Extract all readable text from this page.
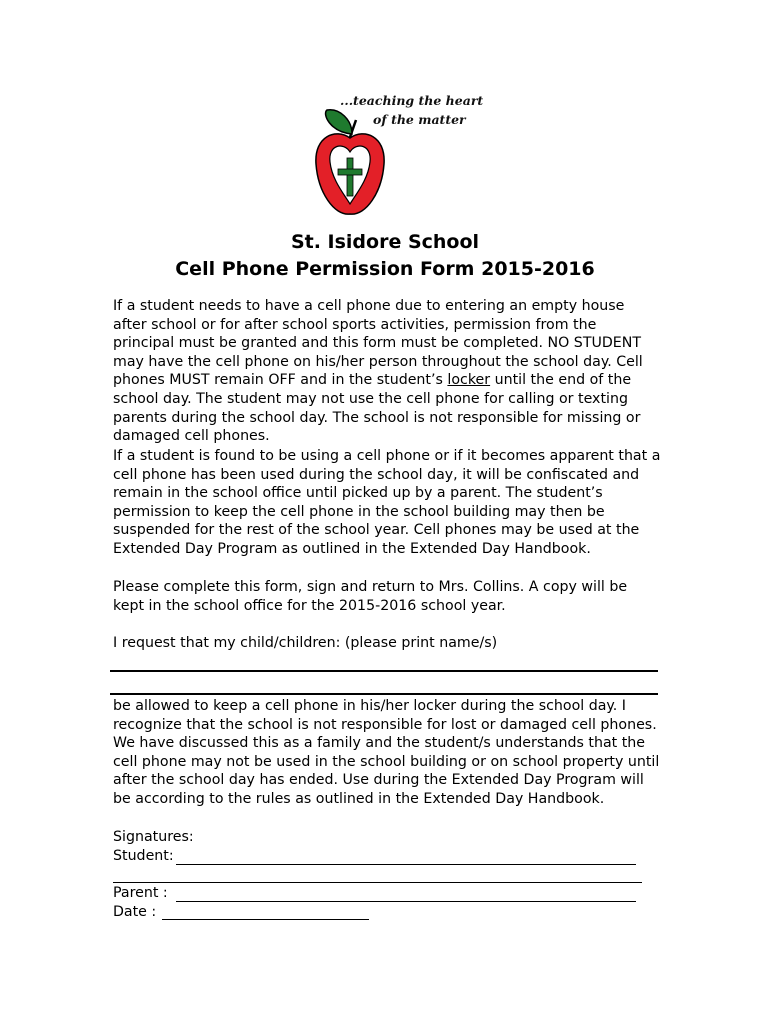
...teaching the heart
of the matter
St. Isidore School
Cell Phone Permission Form 2015-2016

If a student needs to have a cell phone due to entering an empty house after school or for after school sports activities, permission from the principal must be granted and this form must be completed. NO STUDENT may have the cell phone on his/her person throughout the school day. Cell phones MUST remain OFF and in the student’s locker until the end of the school day. The student may not use the cell phone for calling or texting parents during the school day. The school is not responsible for missing or damaged cell phones.

If a student is found to be using a cell phone or if it becomes apparent that a cell phone has been used during the school day, it will be confiscated and remain in the school office until picked up by a parent. The student’s permission to keep the cell phone in the school building may then be suspended for the rest of the school year. Cell phones may be used at the Extended Day Program as outlined in the Extended Day Handbook.

Please complete this form, sign and return to Mrs. Collins. A copy will be kept in the school office for the 2015-2016 school year.

I request that my child/children: (please print name/s)

be allowed to keep a cell phone in his/her locker during the school day. I recognize that the school is not responsible for lost or damaged cell phones. We have discussed this as a family and the student/s understands that the cell phone may not be used in the school building or on school property until after the school day has ended. Use during the Extended Day Program will be according to the rules as outlined in the Extended Day Handbook.

Signatures:
Student:
Parent :
Date :
